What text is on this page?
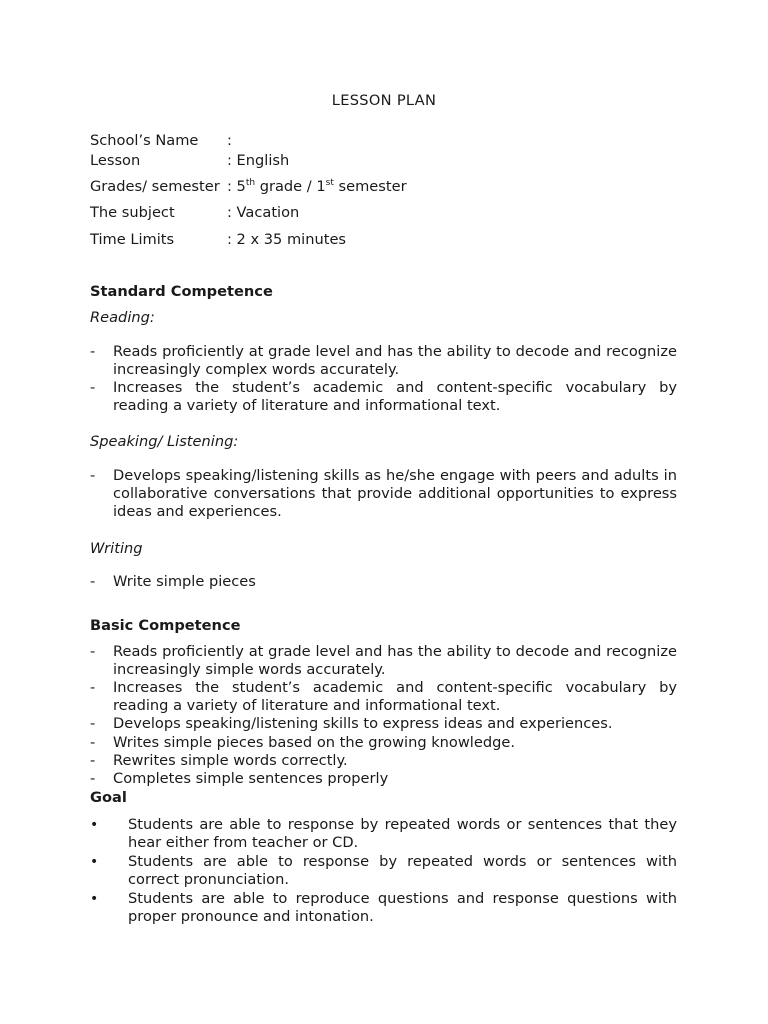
LESSON PLAN
School’s Name :
Lesson	: English
Grades/ semester : 5th grade / 1st semester
The subject	: Vacation
Time Limits	: 2 x 35 minutes
Standard Competence
Reading:
-	Reads proficiently at grade level and has the ability to decode and recognize increasingly complex words accurately.
-	Increases the student’s academic and content-specific vocabulary by reading a variety of literature and informational text.
Speaking/ Listening:
-	Develops speaking/listening skills as he/she engage with peers and adults in collaborative conversations that provide additional opportunities to express ideas and experiences.
Writing
-	Write simple pieces
Basic Competence
-	Reads proficiently at grade level and has the ability to decode and recognize increasingly simple words accurately.
-	Increases the student’s academic and content-specific vocabulary by reading a variety of literature and informational text.
-	Develops speaking/listening skills to express ideas and experiences.
-	Writes simple pieces based on the growing knowledge.
-	Rewrites simple words correctly.
-	Completes simple sentences properly
Goal
• Students are able to response by repeated words or sentences that they hear either from teacher or CD.
• Students are able to response by repeated words or sentences with correct pronunciation.
• Students are able to reproduce questions and response questions with proper pronounce and intonation.
